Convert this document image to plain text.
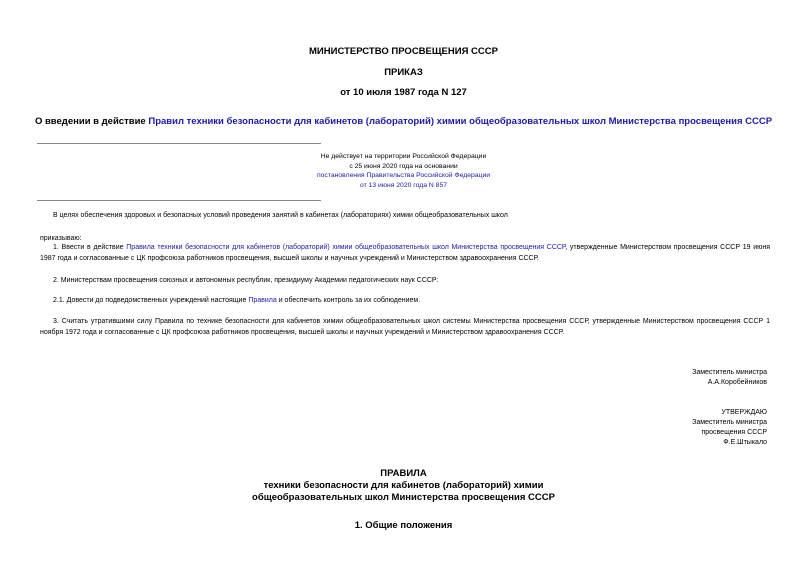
МИНИСТЕРСТВО ПРОСВЕЩЕНИЯ СССР
ПРИКАЗ
от 10 июля 1987 года N 127
О введении в действие Правил техники безопасности для кабинетов (лабораторий) химии общеобразовательных школ Министерства просвещения СССР
Не действует на территории Российской Федерации
с 25 июня 2020 года на основании
постановления Правительства Российской Федерации
от 13 июня 2020 года N 857
В целях обеспечения здоровых и безопасных условий проведения занятий в кабинетах (лабораториях) химии общеобразовательных школ
приказываю:
1. Ввести в действие Правила техники безопасности для кабинетов (лабораторий) химии общеобразовательных школ Министерства просвещения СССР, утвержденные Министерством просвещения СССР 19 июня 1987 года и согласованные с ЦК профсоюза работников просвещения, высшей школы и научных учреждений и Министерством здравоохранения СССР.
2. Министерствам просвещения союзных и автономных республик, президиуму Академии педагогических наук СССР:
2.1. Довести до подведомственных учреждений настоящие Правила и обеспечить контроль за их соблюдением.
3. Считать утратившими силу Правила по технике безопасности для кабинетов химии общеобразовательных школ системы Министерства просвещения СССР, утвержденные Министерством просвещения СССР 1 ноября 1972 года и согласованные с ЦК профсоюза работников просвещения, высшей школы и научных учреждений и Министерством здравоохранения СССР.
Заместитель министра
А.А.Коробейников
УТВЕРЖДАЮ
Заместитель министра
просвещения СССР
Ф.Е.Штыкало
ПРАВИЛА
техники безопасности для кабинетов (лабораторий) химии
общеобразовательных школ Министерства просвещения СССР
1. Общие положения
